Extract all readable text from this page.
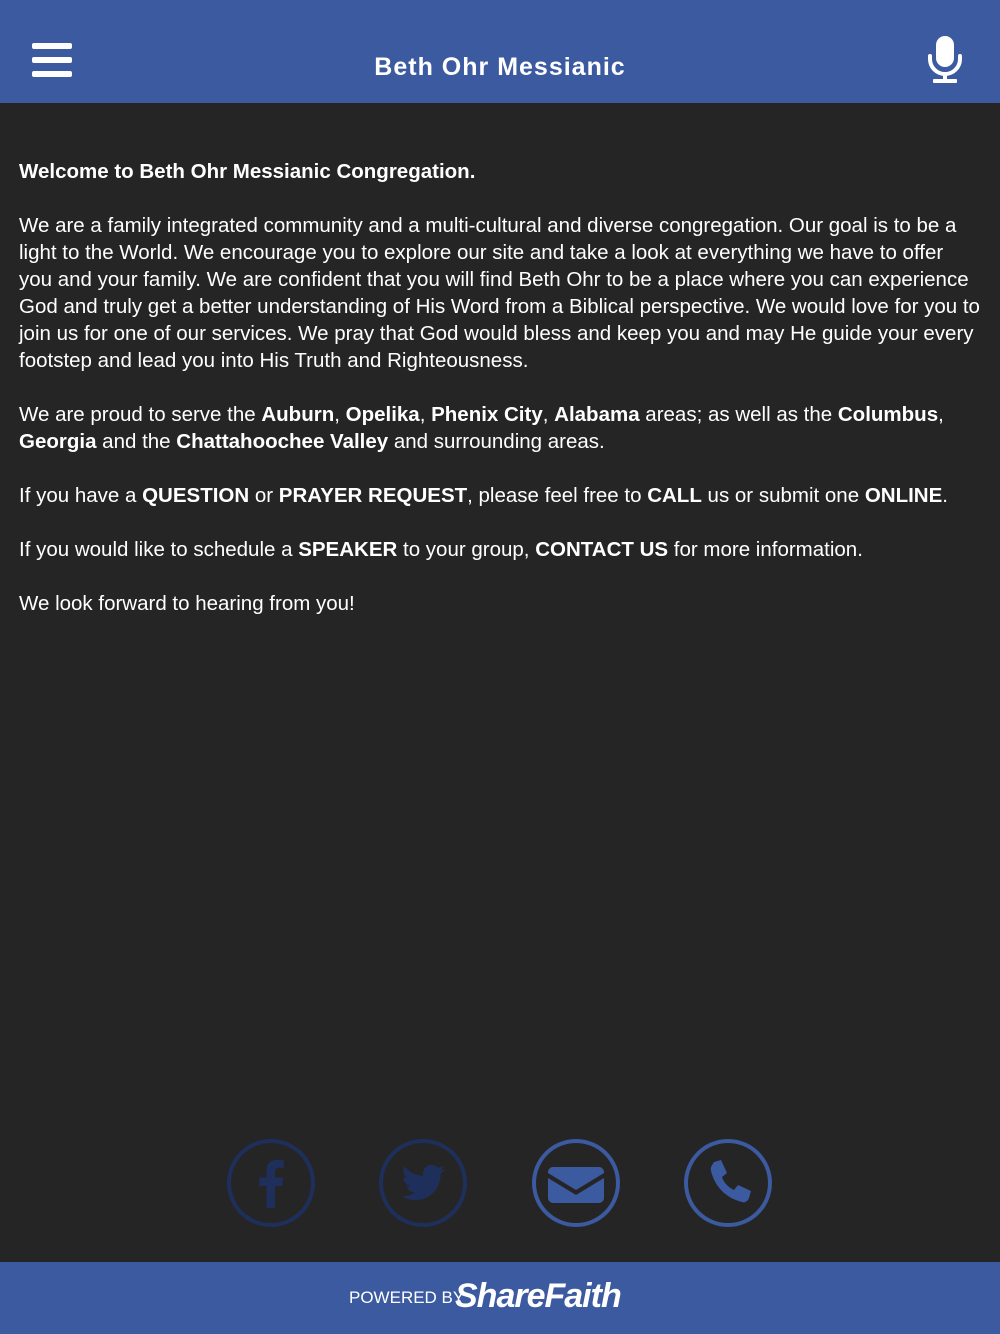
Beth Ohr Messianic

Welcome to Beth Ohr Messianic Congregation.

We are a family integrated community and a multi-cultural and diverse congregation. Our goal is to be a light to the World. We encourage you to explore our site and take a look at everything we have to offer you and your family. We are confident that you will find Beth Ohr to be a place where you can experience God and truly get a better understanding of His Word from a Biblical perspective. We would love for you to join us for one of our services. We pray that God would bless and keep you and may He guide your every footstep and lead you into His Truth and Righteousness.

We are proud to serve the Auburn, Opelika, Phenix City, Alabama areas; as well as the Columbus, Georgia and the Chattahoochee Valley and surrounding areas.

If you have a QUESTION or PRAYER REQUEST, please feel free to CALL us or submit one ONLINE.

If you would like to schedule a SPEAKER to your group, CONTACT US for more information.

We look forward to hearing from you!

POWERED BY
ShareFaith
